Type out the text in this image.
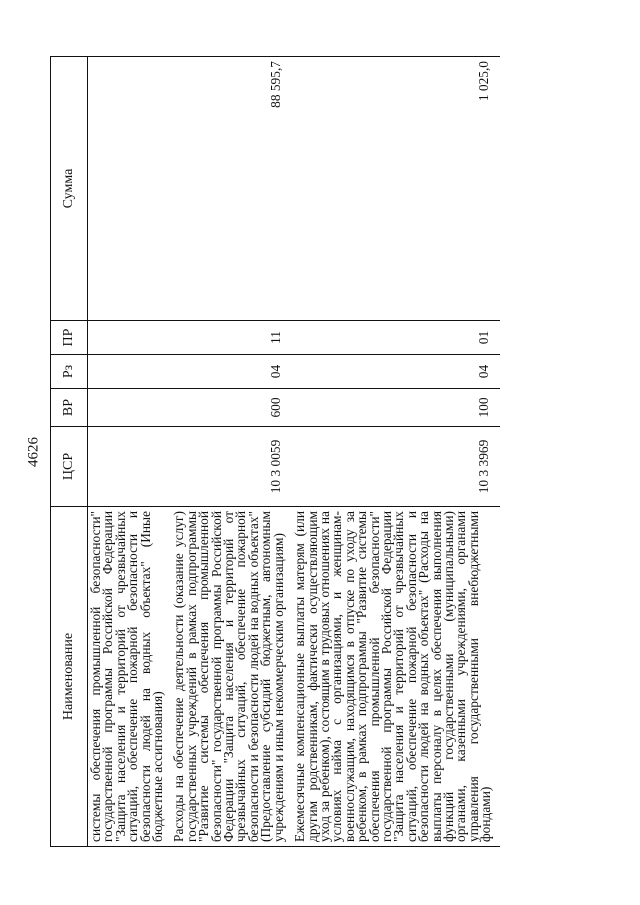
4626
Наименование	ЦСР	ВР	Рз	ПР	Сумма
системы обеспечения промышленной безопасности" государственной программы Российской Федерации "Защита населения и территорий от чрезвычайных ситуаций, обеспечение пожарной безопасности и безопасности людей на водных объектах" (Иные бюджетные ассигнования)					
Расходы на обеспечение деятельности (оказание услуг) государственных учреждений в рамках подпрограммы "Развитие системы обеспечения промышленной безопасности" государственной программы Российской Федерации "Защита населения и территорий от чрезвычайных ситуаций, обеспечение пожарной безопасности и безопасности людей на водных объектах" (Предоставление субсидий бюджетным, автономным учреждениям и иным некоммерческим организациям)	10 3 0059	600	04	11	88 595,7
Ежемесячные компенсационные выплаты матерям (или другим родственникам, фактически осуществляющим уход за ребенком), состоящим в трудовых отношениях на условиях найма с организациями, и женщинам-военнослужащим, находящимся в отпуске по уходу за ребенком, в рамках подпрограммы "Развитие системы обеспечения промышленной безопасности" государственной программы Российской Федерации "Защита населения и территорий от чрезвычайных ситуаций, обеспечение пожарной безопасности и безопасности людей на водных объектах" (Расходы на выплаты персоналу в целях обеспечения выполнения функций государственными (муниципальными) органами, казенными учреждениями, органами управления государственными внебюджетными фондами)	10 3 3969	100	04	01	1 025,0
